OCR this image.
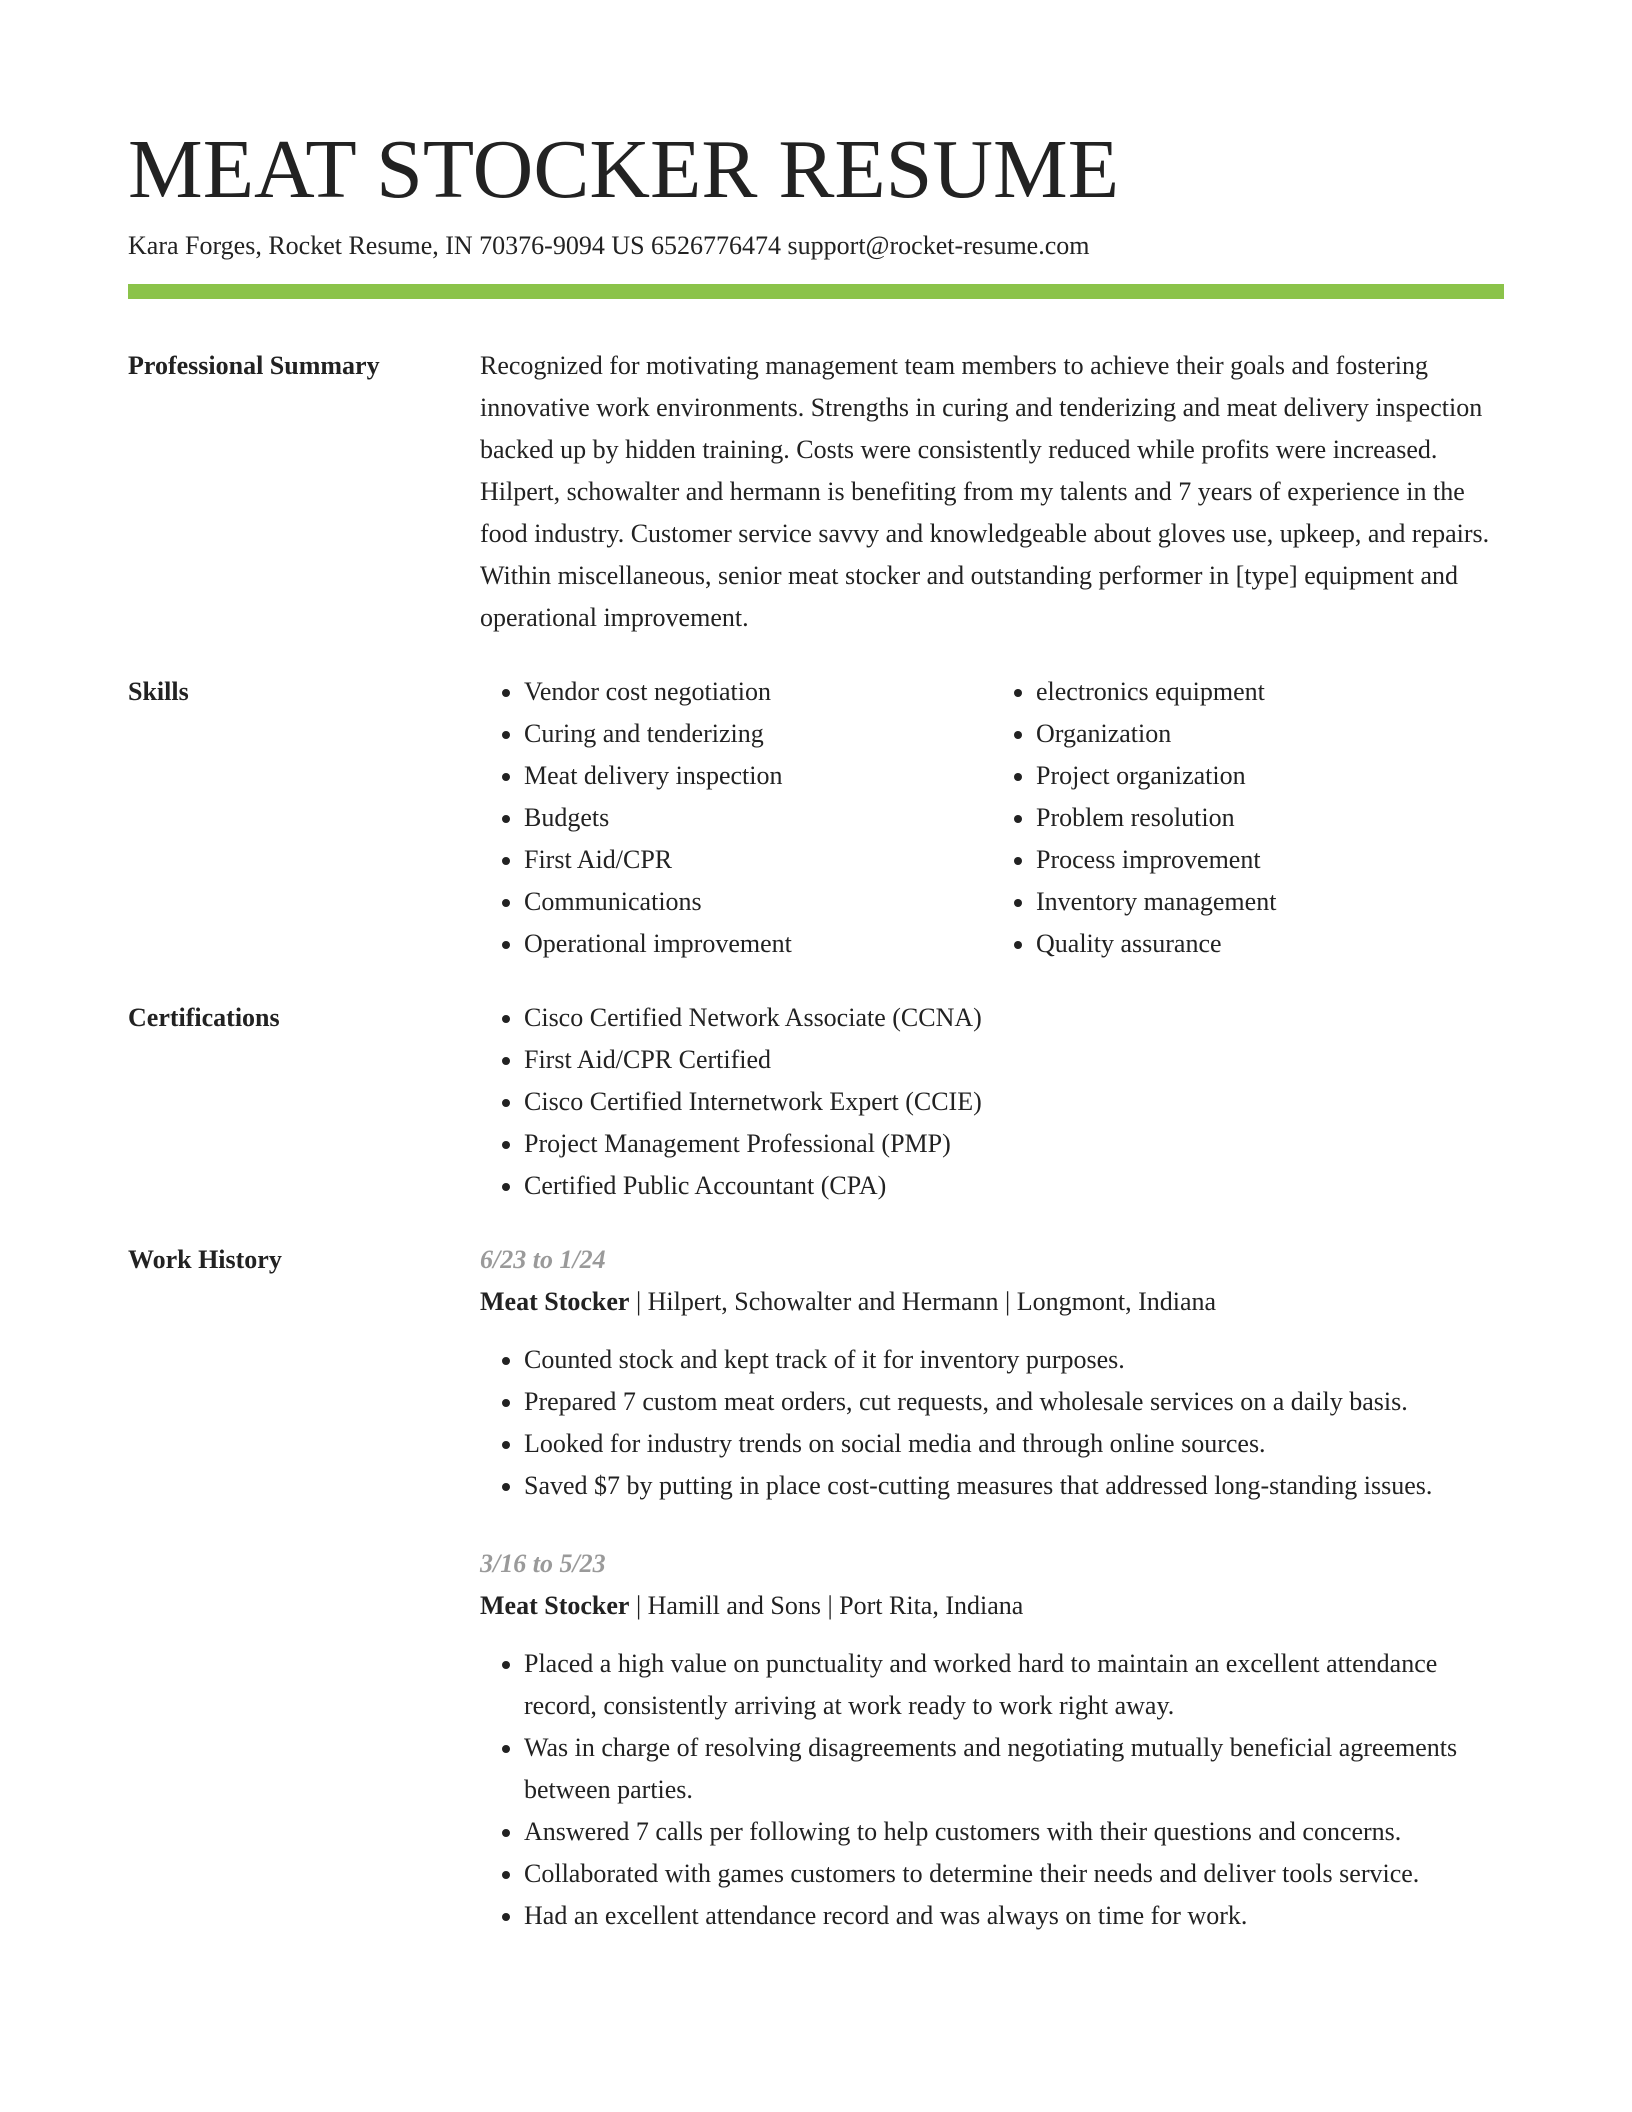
MEAT STOCKER RESUME
Kara Forges, Rocket Resume, IN 70376-9094 US 6526776474 support@rocket-resume.com
Professional Summary	Recognized for motivating management team members to achieve their goals and fostering innovative work environments. Strengths in curing and tenderizing and meat delivery inspection backed up by hidden training. Costs were consistently reduced while profits were increased. Hilpert, schowalter and hermann is benefiting from my talents and 7 years of experience in the food industry. Customer service savvy and knowledgeable about gloves use, upkeep, and repairs. Within miscellaneous, senior meat stocker and outstanding performer in [type] equipment and operational improvement.

Skills	• Vendor cost negotiation
• Curing and tenderizing
• Meat delivery inspection
• Budgets
• First Aid/CPR
• Communications
• Operational improvement
• electronics equipment
• Organization
• Project organization
• Problem resolution
• Process improvement
• Inventory management
• Quality assurance
Certifications	• Cisco Certified Network Associate (CCNA)
• First Aid/CPR Certified
• Cisco Certified Internetwork Expert (CCIE)
• Project Management Professional (PMP)
• Certified Public Accountant (CPA)
Work History	6/23 to 1/24
Meat Stocker | Hilpert, Schowalter and Hermann | Longmont, Indiana
• Counted stock and kept track of it for inventory purposes.
• Prepared 7 custom meat orders, cut requests, and wholesale services on a daily basis.
• Looked for industry trends on social media and through online sources.
• Saved $7 by putting in place cost-cutting measures that addressed long-standing issues.
3/16 to 5/23
Meat Stocker | Hamill and Sons | Port Rita, Indiana
• Placed a high value on punctuality and worked hard to maintain an excellent attendance record, consistently arriving at work ready to work right away.
• Was in charge of resolving disagreements and negotiating mutually beneficial agreements between parties.
• Answered 7 calls per following to help customers with their questions and concerns.
• Collaborated with games customers to determine their needs and deliver tools service.
• Had an excellent attendance record and was always on time for work.
